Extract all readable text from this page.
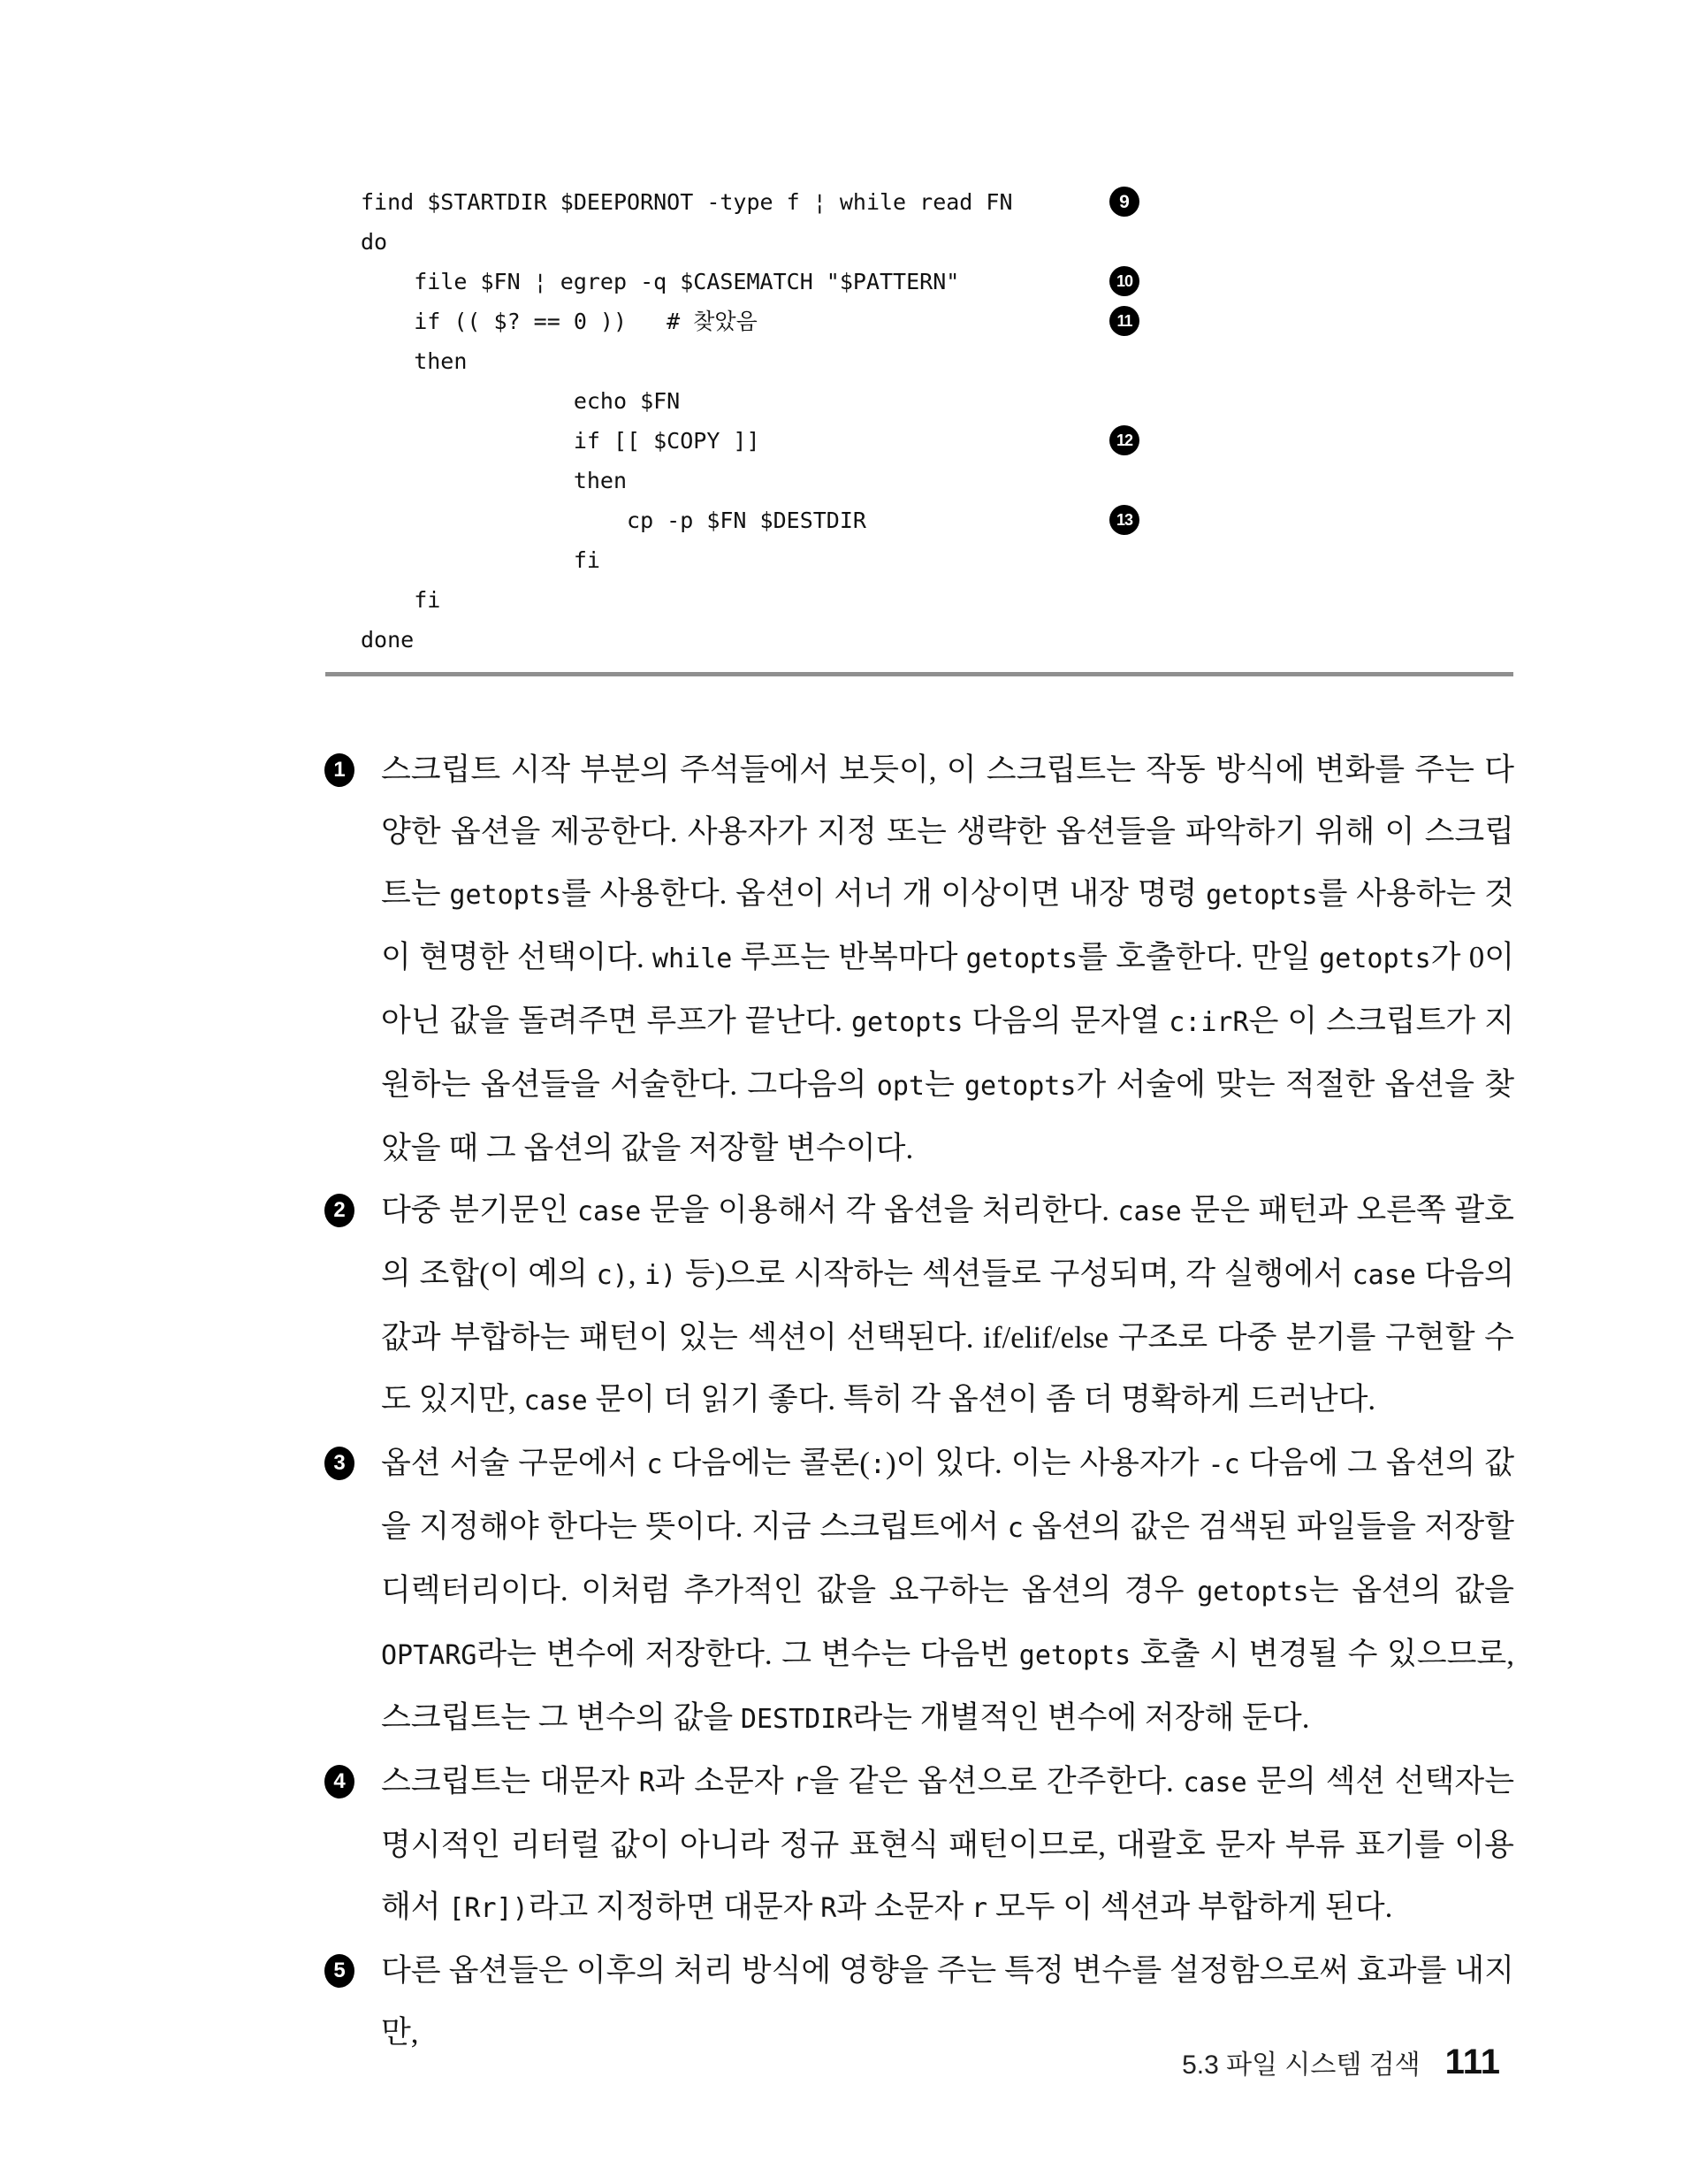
find $STARTDIR $DEEPORNOT -type f ¦ while read FN	9
do
file $FN ¦ egrep -q $CASEMATCH "$PATTERN"	10
if (( $? == 0 ))   # 찾았음	11
then
echo $FN
if [[ $COPY ]]	12
then
cp -p $FN $DESTDIR	13
fi
fi
done
1 스크립트 시작 부분의 주석들에서 보듯이, 이 스크립트는 작동 방식에 변화를 주는 다양한 옵션을 제공한다. 사용자가 지정 또는 생략한 옵션들을 파악하기 위해 이 스크립트는 getopts를 사용한다. 옵션이 서너 개 이상이면 내장 명령 getopts를 사용하는 것이 현명한 선택이다. while 루프는 반복마다 getopts를 호출한다. 만일 getopts가 0이 아닌 값을 돌려주면 루프가 끝난다. getopts 다음의 문자열 c:irR은 이 스크립트가 지원하는 옵션들을 서술한다. 그다음의 opt는 getopts가 서술에 맞는 적절한 옵션을 찾았을 때 그 옵션의 값을 저장할 변수이다.
2 다중 분기문인 case 문을 이용해서 각 옵션을 처리한다. case 문은 패턴과 오른쪽 괄호의 조합(이 예의 c), i) 등)으로 시작하는 섹션들로 구성되며, 각 실행에서 case 다음의 값과 부합하는 패턴이 있는 섹션이 선택된다. if/elif/else 구조로 다중 분기를 구현할 수도 있지만, case 문이 더 읽기 좋다. 특히 각 옵션이 좀 더 명확하게 드러난다.
3 옵션 서술 구문에서 c 다음에는 콜론(:)이 있다. 이는 사용자가 -c 다음에 그 옵션의 값을 지정해야 한다는 뜻이다. 지금 스크립트에서 c 옵션의 값은 검색된 파일들을 저장할 디렉터리이다. 이처럼 추가적인 값을 요구하는 옵션의 경우 getopts는 옵션의 값을 OPTARG라는 변수에 저장한다. 그 변수는 다음번 getopts 호출 시 변경될 수 있으므로, 스크립트는 그 변수의 값을 DESTDIR라는 개별적인 변수에 저장해 둔다.
4 스크립트는 대문자 R과 소문자 r을 같은 옵션으로 간주한다. case 문의 섹션 선택자는 명시적인 리터럴 값이 아니라 정규 표현식 패턴이므로, 대괄호 문자 부류 표기를 이용해서 [Rr])라고 지정하면 대문자 R과 소문자 r 모두 이 섹션과 부합하게 된다.
5 다른 옵션들은 이후의 처리 방식에 영향을 주는 특정 변수를 설정함으로써 효과를 내지만,
5.3 파일 시스템 검색 111
